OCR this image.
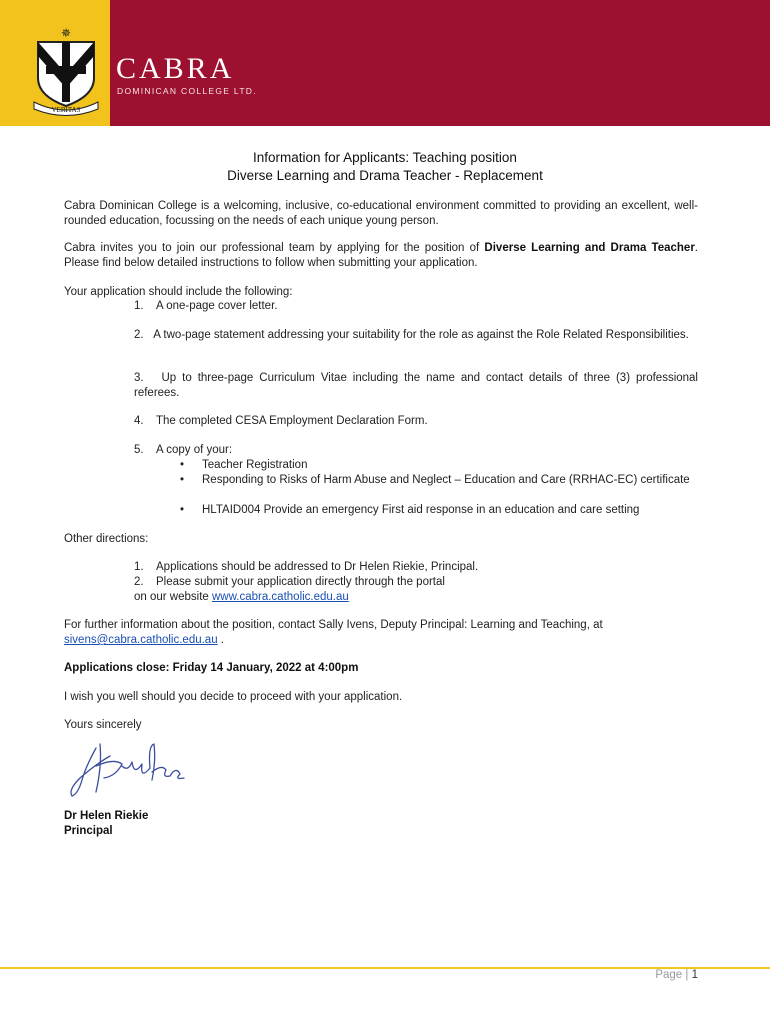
✵
VERITAS
CABRA
DOMINICAN COLLEGE LTD.
Information for Applicants: Teaching position
Diverse Learning and Drama Teacher - Replacement

Cabra Dominican College is a welcoming, inclusive, co-educational environment committed to providing an excellent, well-rounded education, focussing on the needs of each unique young person.

Cabra invites you to join our professional team by applying for the position of Diverse Learning and Drama Teacher. Please find below detailed instructions to follow when submitting your application.

Your application should include the following:
1. A one-page cover letter.
2. A two-page statement addressing your suitability for the role as against the Role Related Responsibilities.
3. Up to three-page Curriculum Vitae including the name and contact details of three (3) professional referees.
4. The completed CESA Employment Declaration Form.
5. A copy of your:
• Teacher Registration
• Responding to Risks of Harm Abuse and Neglect – Education and Care (RRHAC-EC) certificate
• HLTAID004 Provide an emergency First aid response in an education and care setting
Other directions:
1. Applications should be addressed to Dr Helen Riekie, Principal.
2. Please submit your application directly through the portal
on our website www.cabra.catholic.edu.au

For further information about the position, contact Sally Ivens, Deputy Principal: Learning and Teaching, at
sivens@cabra.catholic.edu.au .

Applications close: Friday 14 January, 2022 at 4:00pm
I wish you well should you decide to proceed with your application.
Yours sincerely
Dr Helen Riekie
Principal
Page | 1
